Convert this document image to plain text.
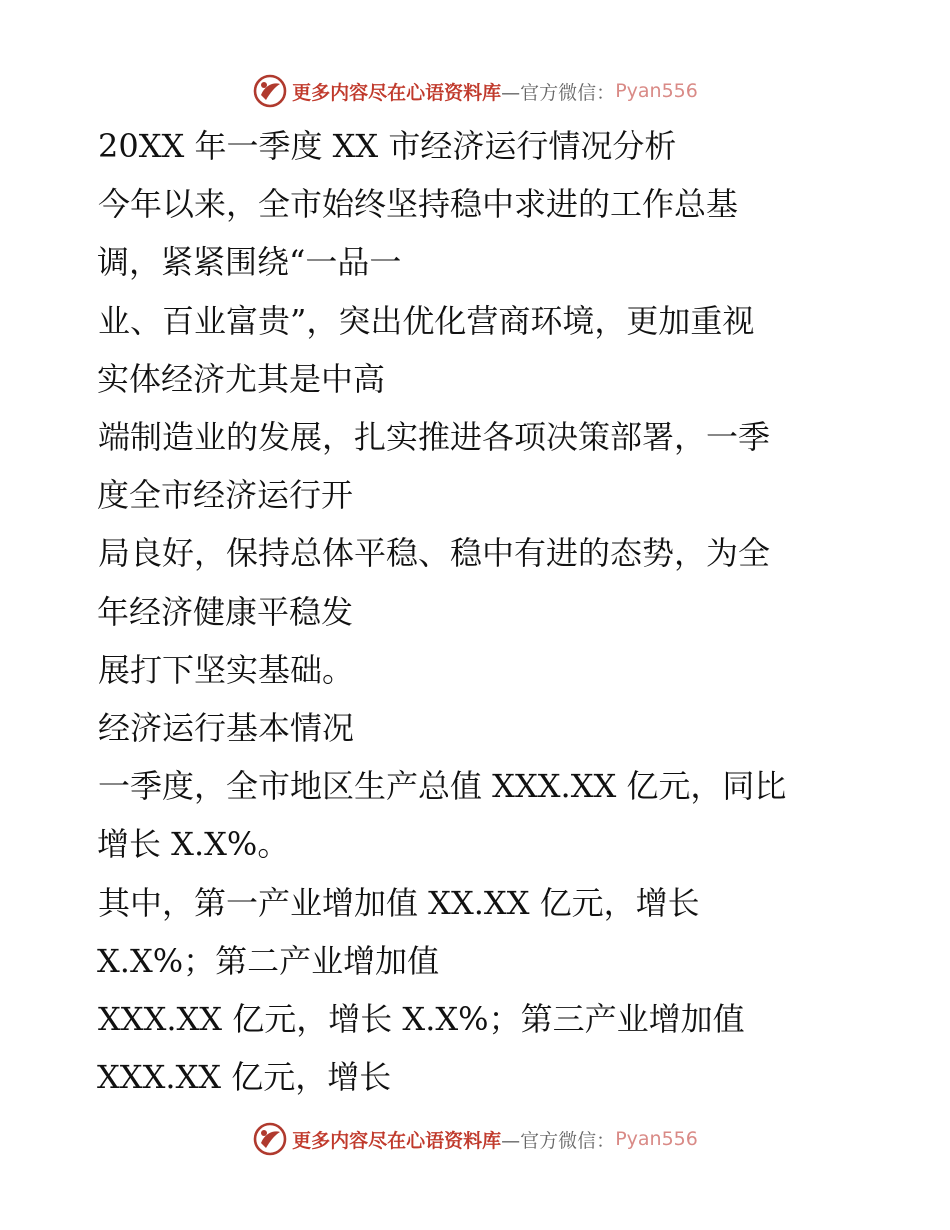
更多内容尽在心语资料库 —官方微信： Pyan556
20XX 年一季度 XX 市经济运行情况分析
今年以来，全市始终坚持稳中求进的工作总基
调，紧紧围绕“一品一
业、百业富贵”，突出优化营商环境，更加重视
实体经济尤其是中高
端制造业的发展，扎实推进各项决策部署，一季
度全市经济运行开
局良好，保持总体平稳、稳中有进的态势，为全
年经济健康平稳发
展打下坚实基础。
经济运行基本情况
一季度，全市地区生产总值 XXX.XX 亿元，同比
增长 X.X%。
其中，第一产业增加值 XX.XX 亿元，增长
X.X%；第二产业增加值
XXX.XX 亿元，增长 X.X%；第三产业增加值
XXX.XX 亿元，增长
更多内容尽在心语资料库 —官方微信： Pyan556
